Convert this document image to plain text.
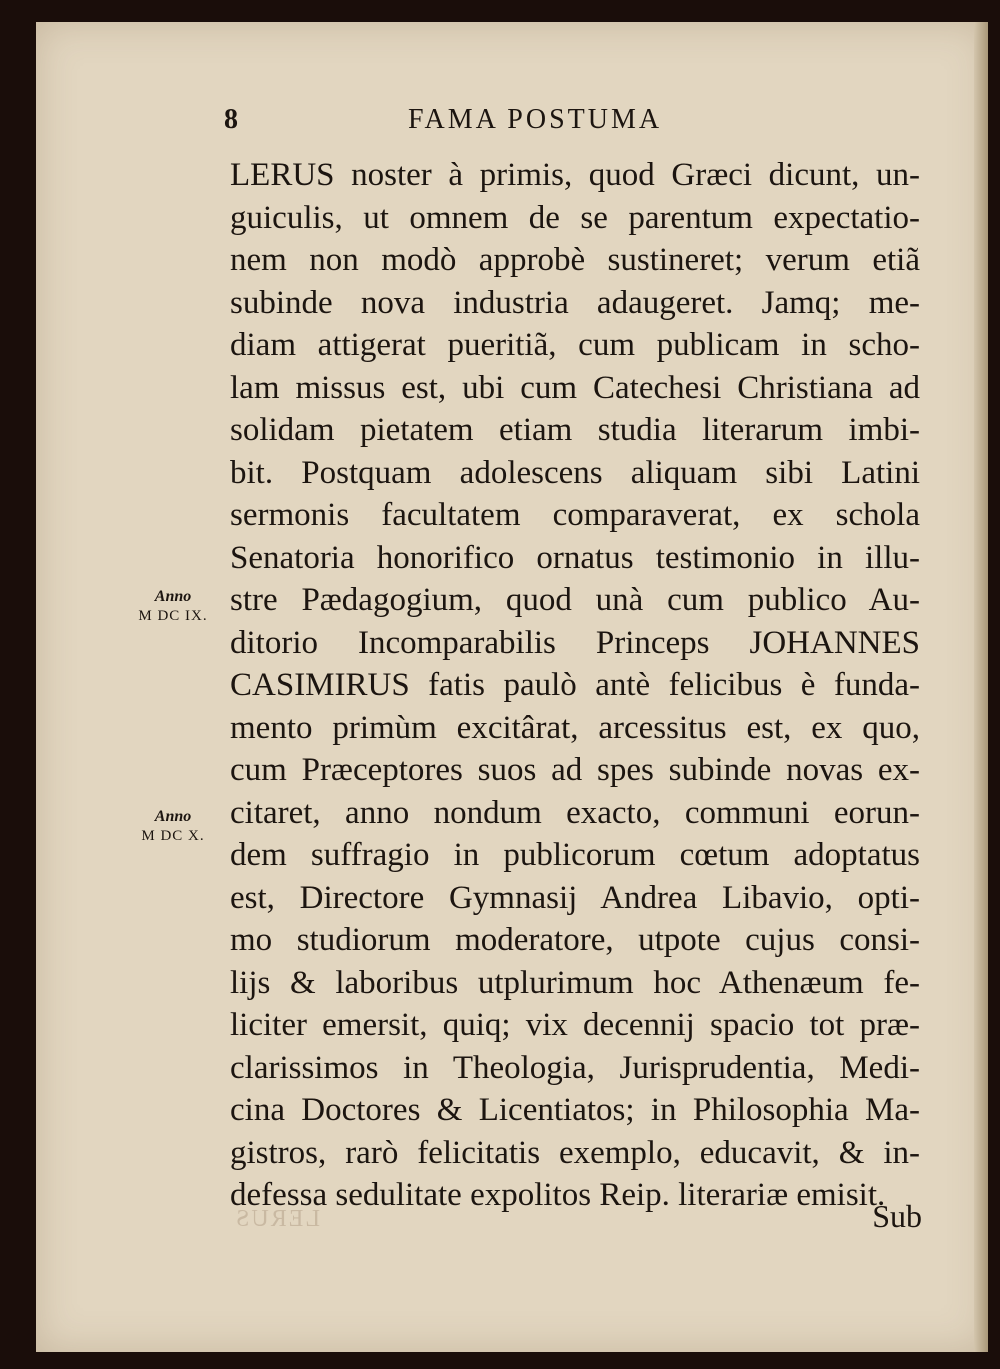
8	FAMA POSTUMA
Anno
M DC IX.
Anno
M DC X.
LERUS noster à primis, quod Græci dicunt, un-
guiculis, ut omnem de se parentum expectatio-
nem non modò approbè sustineret; verum etiã
subinde nova industria adaugeret. Jamq; me-
diam attigerat pueritiã, cum publicam in scho-
lam missus est, ubi cum Catechesi Christiana ad
solidam pietatem etiam studia literarum imbi-
bit. Postquam adolescens aliquam sibi Latini
sermonis facultatem comparaverat, ex schola
Senatoria honorifico ornatus testimonio in illu-
stre Pædagogium, quod unà cum publico Au-
ditorio Incomparabilis Princeps JOHANNES
CASIMIRUS fatis paulò antè felicibus è funda-
mento primùm excitârat, arcessitus est, ex quo,
cum Præceptores suos ad spes subinde novas ex-
citaret, anno nondum exacto, communi eorun-
dem suffragio in publicorum cœtum adoptatus
est, Directore Gymnasij Andrea Libavio, opti-
mo studiorum moderatore, utpote cujus consi-
lijs & laboribus utplurimum hoc Athenæum fe-
liciter emersit, quiq; vix decennij spacio tot præ-
clarissimos in Theologia, Jurisprudentia, Medi-
cina Doctores & Licentiatos; in Philosophia Ma-
gistros, rarò felicitatis exemplo, educavit, & in-
defessa sedulitate expolitos Reip. literariæ emisit.
LERUS	Sub
